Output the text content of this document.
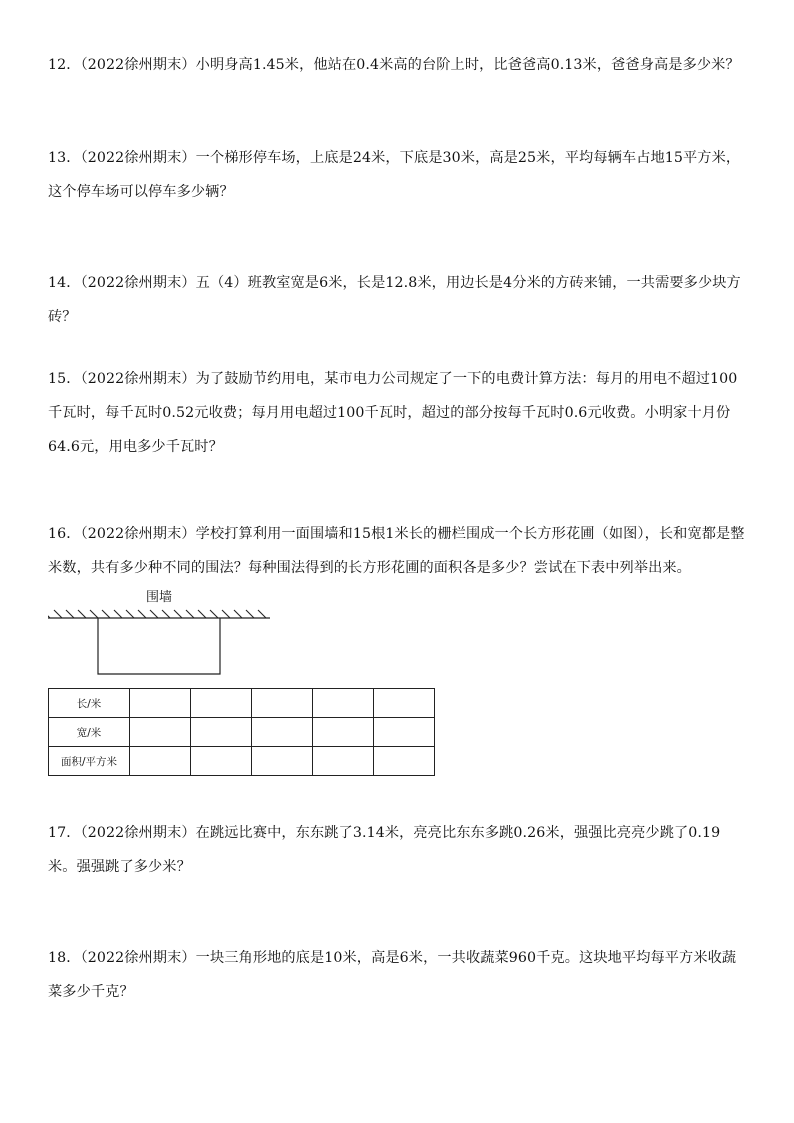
12．（2022徐州期末）小明身高1.45米，他站在0.4米高的台阶上时，比爸爸高0.13米，爸爸身高是多少米？

13．（2022徐州期末）一个梯形停车场，上底是24米，下底是30米，高是25米，平均每辆车占地15平方米，这个停车场可以停车多少辆？

14．（2022徐州期末）五（4）班教室宽是6米，长是12.8米，用边长是4分米的方砖来铺，一共需要多少块方砖？

15．（2022徐州期末）为了鼓励节约用电，某市电力公司规定了一下的电费计算方法：每月的用电不超过100千瓦时，每千瓦时0.52元收费；每月用电超过100千瓦时，超过的部分按每千瓦时0.6元收费。小明家十月份64.6元，用电多少千瓦时？

16．（2022徐州期末）学校打算利用一面围墙和15根1米长的栅栏围成一个长方形花圃（如图），长和宽都是整米数，共有多少种不同的围法？每种围法得到的长方形花圃的面积各是多少？尝试在下表中列举出来。

围墙
长/米					
宽/米					
面积/平方米					

17．（2022徐州期末）在跳远比赛中，东东跳了3.14米，亮亮比东东多跳0.26米，强强比亮亮少跳了0.19米。强强跳了多少米？

18．（2022徐州期末）一块三角形地的底是10米，高是6米，一共收蔬菜960千克。这块地平均每平方米收蔬菜多少千克？
